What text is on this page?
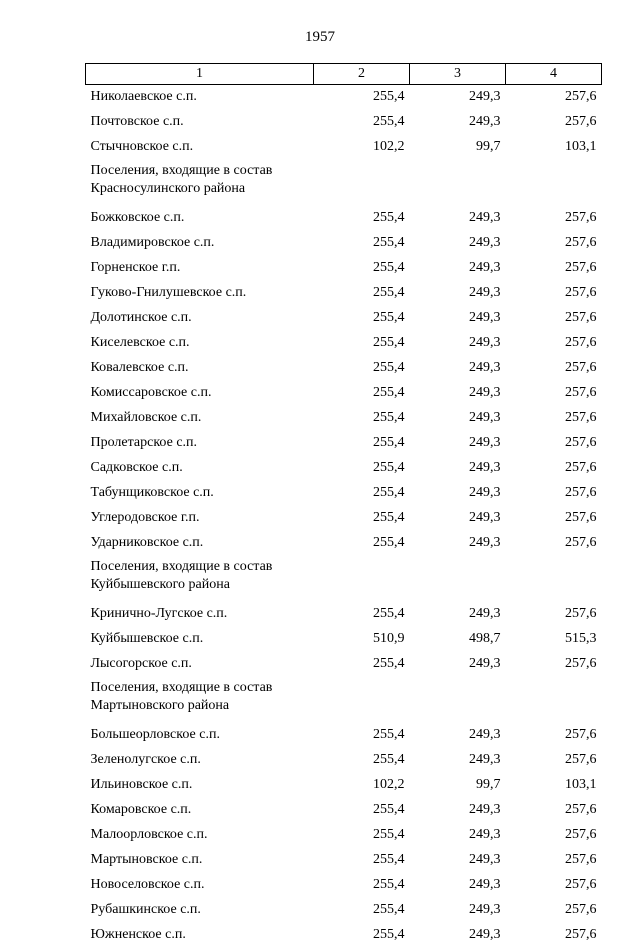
1957
1	2	3	4
Николаевское с.п.	255,4	249,3	257,6
Почтовское с.п.	255,4	249,3	257,6
Стычновское с.п.	102,2	99,7	103,1
Поселения, входящие в состав Красносулинского района			
Божковское с.п.	255,4	249,3	257,6
Владимировское с.п.	255,4	249,3	257,6
Горненское г.п.	255,4	249,3	257,6
Гуково-Гнилушевское с.п.	255,4	249,3	257,6
Долотинское с.п.	255,4	249,3	257,6
Киселевское с.п.	255,4	249,3	257,6
Ковалевское с.п.	255,4	249,3	257,6
Комиссаровское с.п.	255,4	249,3	257,6
Михайловское с.п.	255,4	249,3	257,6
Пролетарское с.п.	255,4	249,3	257,6
Садковское с.п.	255,4	249,3	257,6
Табунщиковское с.п.	255,4	249,3	257,6
Углеродовское г.п.	255,4	249,3	257,6
Ударниковское с.п.	255,4	249,3	257,6
Поселения, входящие в состав Куйбышевского района			
Кринично-Лугское с.п.	255,4	249,3	257,6
Куйбышевское с.п.	510,9	498,7	515,3
Лысогорское с.п.	255,4	249,3	257,6
Поселения, входящие в состав Мартыновского района			
Большеорловское с.п.	255,4	249,3	257,6
Зеленолугское с.п.	255,4	249,3	257,6
Ильиновское с.п.	102,2	99,7	103,1
Комаровское с.п.	255,4	249,3	257,6
Малоорловское с.п.	255,4	249,3	257,6
Мартыновское с.п.	255,4	249,3	257,6
Новоселовское с.п.	255,4	249,3	257,6
Рубашкинское с.п.	255,4	249,3	257,6
Южненское с.п.	255,4	249,3	257,6
